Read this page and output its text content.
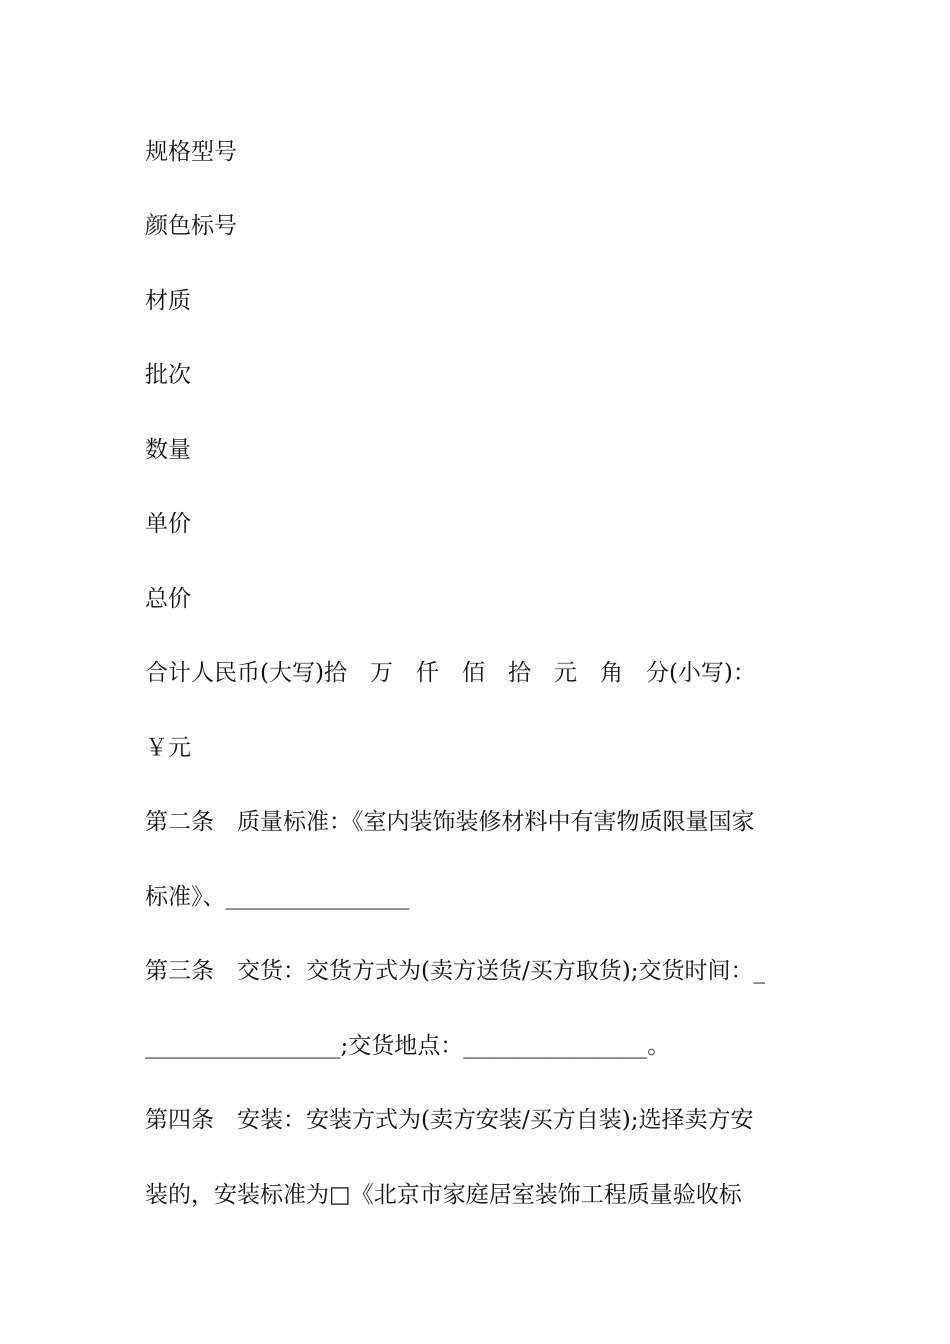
规格型号
颜色标号
材质
批次
数量
单价
总价
合计人民币(大写)拾　万　仟　佰　拾　元　角　分(小写)：
￥元
第二条　质量标准：《室内装饰装修材料中有害物质限量国家
标准》、________________
第三条　交货：交货方式为(卖方送货/买方取货);交货时间：_
_________________;交货地点：________________。
第四条　安装：安装方式为(卖方安装/买方自装);选择卖方安
装的，安装标准为□《北京市家庭居室装饰工程质量验收标
